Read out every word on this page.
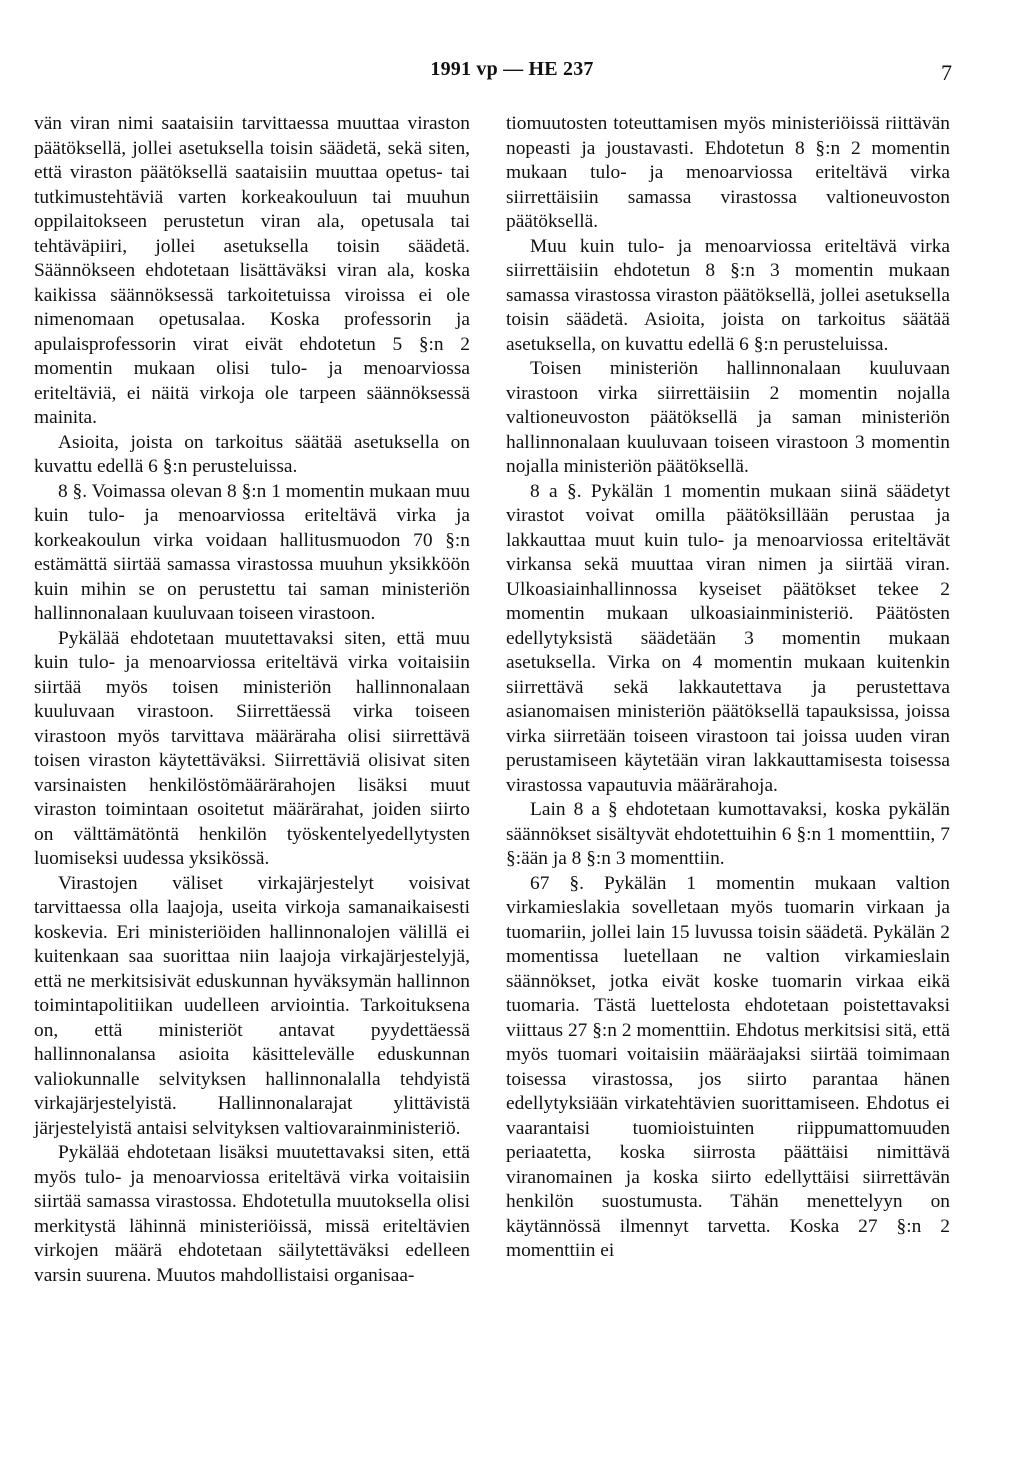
1991 vp — HE 237	7

vän viran nimi saataisiin tarvittaessa muuttaa viraston päätöksellä, jollei asetuksella toisin säädetä, sekä siten, että viraston päätöksellä saataisiin muuttaa opetus- tai tutkimustehtäviä varten korkeakouluun tai muuhun oppilaitokseen perustetun viran ala, opetusala tai tehtäväpiiri, jollei asetuksella toisin säädetä. Säännökseen ehdotetaan lisättäväksi viran ala, koska kaikissa säännöksessä tarkoitetuissa viroissa ei ole nimenomaan opetusalaa. Koska professorin ja apulaisprofessorin virat eivät ehdotetun 5 §:n 2 momentin mukaan olisi tulo- ja menoarviossa eriteltäviä, ei näitä virkoja ole tarpeen säännöksessä mainita.

Asioita, joista on tarkoitus säätää asetuksella on kuvattu edellä 6 §:n perusteluissa.

8 §. Voimassa olevan 8 §:n 1 momentin mukaan muu kuin tulo- ja menoarviossa eriteltävä virka ja korkeakoulun virka voidaan hallitusmuodon 70 §:n estämättä siirtää samassa virastossa muuhun yksikköön kuin mihin se on perustettu tai saman ministeriön hallinnonalaan kuuluvaan toiseen virastoon.

Pykälää ehdotetaan muutettavaksi siten, että muu kuin tulo- ja menoarviossa eriteltävä virka voitaisiin siirtää myös toisen ministeriön hallinnonalaan kuuluvaan virastoon. Siirrettäessä virka toiseen virastoon myös tarvittava määräraha olisi siirrettävä toisen viraston käytettäväksi. Siirrettäviä olisivat siten varsinaisten henkilöstömäärärahojen lisäksi muut viraston toimintaan osoitetut määrärahat, joiden siirto on välttämätöntä henkilön työskentelyedellytysten luomiseksi uudessa yksikössä.

Virastojen väliset virkajärjestelyt voisivat tarvittaessa olla laajoja, useita virkoja samanaikaisesti koskevia. Eri ministeriöiden hallinnonalojen välillä ei kuitenkaan saa suorittaa niin laajoja virkajärjestelyjä, että ne merkitsisivät eduskunnan hyväksymän hallinnon toimintapolitiikan uudelleen arviointia. Tarkoituksena on, että ministeriöt antavat pyydettäessä hallinnonalansa asioita käsittelevälle eduskunnan valiokunnalle selvityksen hallinnonalalla tehdyistä virkajärjestelyistä. Hallinnonalarajat ylittävistä järjestelyistä antaisi selvityksen valtiovarainministeriö.

Pykälää ehdotetaan lisäksi muutettavaksi siten, että myös tulo- ja menoarviossa eriteltävä virka voitaisiin siirtää samassa virastossa. Ehdotetulla muutoksella olisi merkitystä lähinnä ministeriöissä, missä eriteltävien virkojen määrä ehdotetaan säilytettäväksi edelleen varsin suurena. Muutos mahdollistaisi organisaa-

tiomuutosten toteuttamisen myös ministeriöissä riittävän nopeasti ja joustavasti. Ehdotetun 8 §:n 2 momentin mukaan tulo- ja menoarviossa eriteltävä virka siirrettäisiin samassa virastossa valtioneuvoston päätöksellä.

Muu kuin tulo- ja menoarviossa eriteltävä virka siirrettäisiin ehdotetun 8 §:n 3 momentin mukaan samassa virastossa viraston päätöksellä, jollei asetuksella toisin säädetä. Asioita, joista on tarkoitus säätää asetuksella, on kuvattu edellä 6 §:n perusteluissa.

Toisen ministeriön hallinnonalaan kuuluvaan virastoon virka siirrettäisiin 2 momentin nojalla valtioneuvoston päätöksellä ja saman ministeriön hallinnonalaan kuuluvaan toiseen virastoon 3 momentin nojalla ministeriön päätöksellä.

8 a §. Pykälän 1 momentin mukaan siinä säädetyt virastot voivat omilla päätöksillään perustaa ja lakkauttaa muut kuin tulo- ja menoarviossa eriteltävät virkansa sekä muuttaa viran nimen ja siirtää viran. Ulkoasiainhallinnossa kyseiset päätökset tekee 2 momentin mukaan ulkoasiainministeriö. Päätösten edellytyksistä säädetään 3 momentin mukaan asetuksella. Virka on 4 momentin mukaan kuitenkin siirrettävä sekä lakkautettava ja perustettava asianomaisen ministeriön päätöksellä tapauksissa, joissa virka siirretään toiseen virastoon tai joissa uuden viran perustamiseen käytetään viran lakkauttamisesta toisessa virastossa vapautuvia määrärahoja.

Lain 8 a § ehdotetaan kumottavaksi, koska pykälän säännökset sisältyvät ehdotettuihin 6 §:n 1 momenttiin, 7 §:ään ja 8 §:n 3 momenttiin.

67 §. Pykälän 1 momentin mukaan valtion virkamieslakia sovelletaan myös tuomarin virkaan ja tuomariin, jollei lain 15 luvussa toisin säädetä. Pykälän 2 momentissa luetellaan ne valtion virkamieslain säännökset, jotka eivät koske tuomarin virkaa eikä tuomaria. Tästä luettelosta ehdotetaan poistettavaksi viittaus 27 §:n 2 momenttiin. Ehdotus merkitsisi sitä, että myös tuomari voitaisiin määräajaksi siirtää toimimaan toisessa virastossa, jos siirto parantaa hänen edellytyksiään virkatehtävien suorittamiseen. Ehdotus ei vaarantaisi tuomioistuinten riippumattomuuden periaatetta, koska siirrosta päättäisi nimittävä viranomainen ja koska siirto edellyttäisi siirrettävän henkilön suostumusta. Tähän menettelyyn on käytännössä ilmennyt tarvetta. Koska 27 §:n 2 momenttiin ei
